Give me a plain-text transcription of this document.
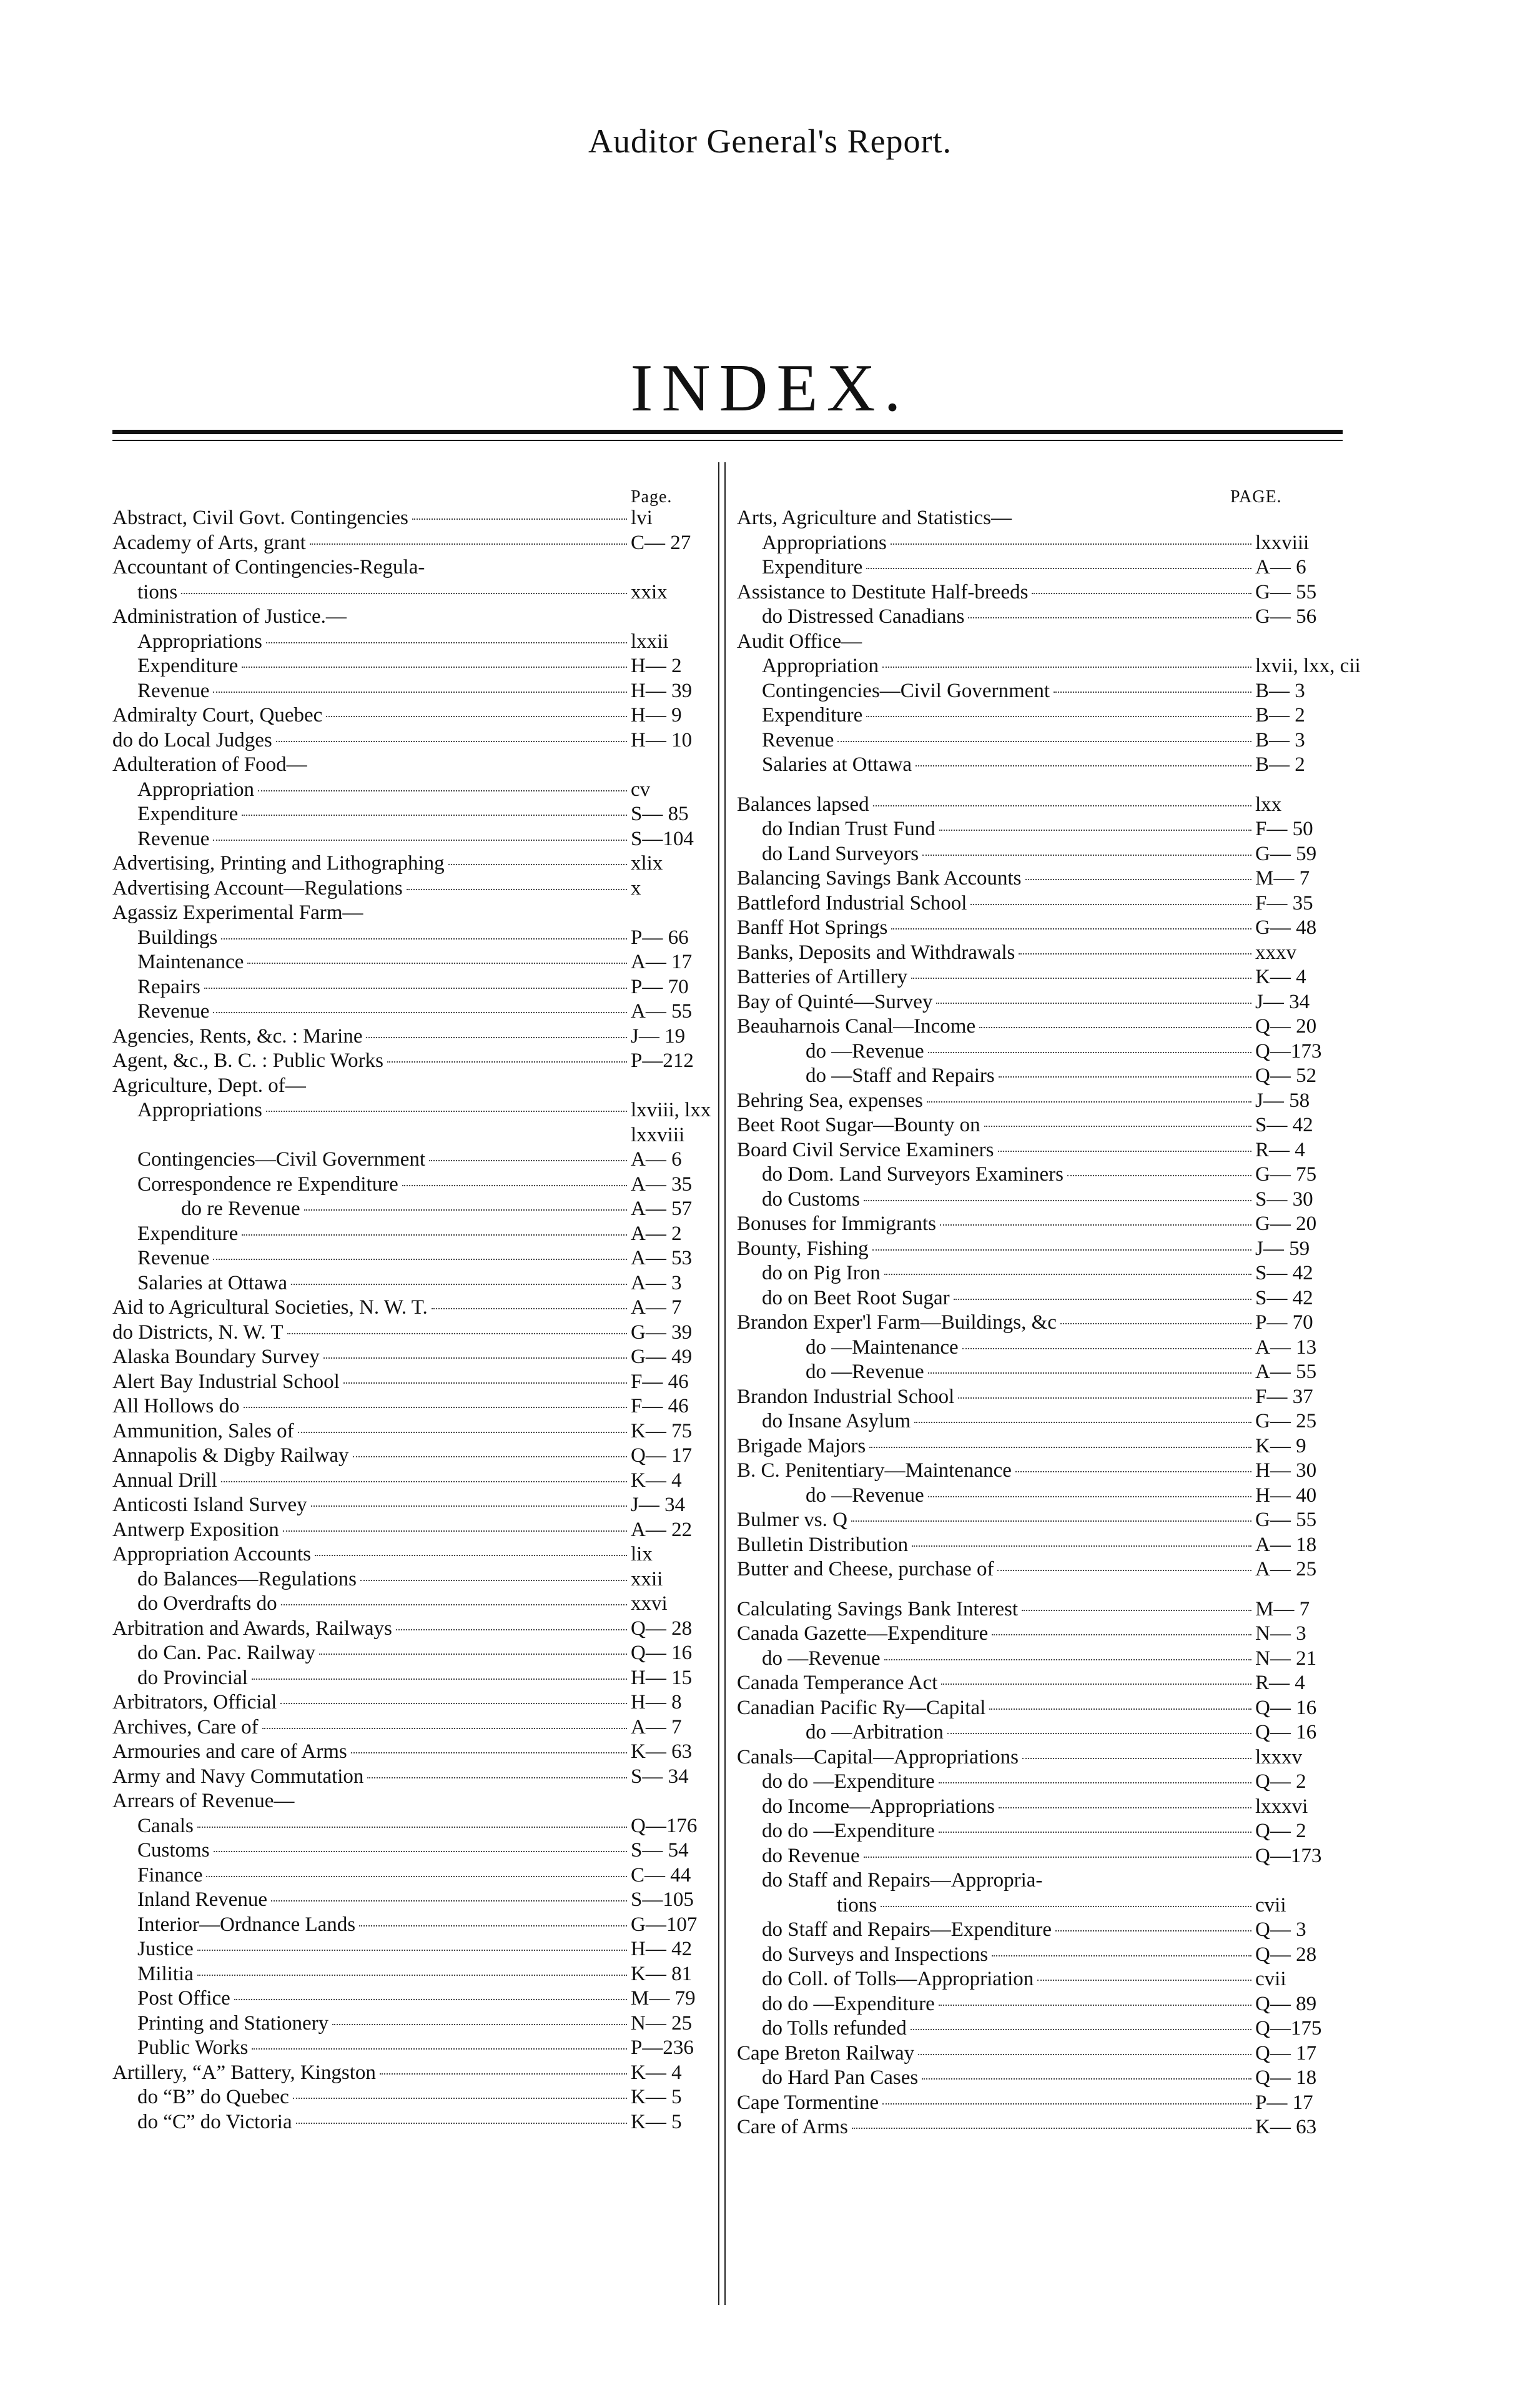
Auditor General's Report.
INDEX.
Page.	PAGE.
Abstract, Civil Govt. Contingencies	lvi
Academy of Arts, grant	C— 27
Accountant of Contingencies-Regula-
tions	xxix
Administration of Justice.—
Appropriations	lxxii
Expenditure	H— 2
Revenue	H— 39
Admiralty Court, Quebec	H— 9
do do Local Judges	H— 10
Adulteration of Food—
Appropriation	cv
Expenditure	S— 85
Revenue	S—104
Advertising, Printing and Lithographing	xlix
Advertising Account—Regulations	x
Agassiz Experimental Farm—
Buildings	P— 66
Maintenance	A— 17
Repairs	P— 70
Revenue	A— 55
Agencies, Rents, &c. : Marine	J— 19
Agent, &c., B. C. : Public Works	P—212
Agriculture, Dept. of—
Appropriations	lxviii, lxx
lxxviii
Contingencies—Civil Government	A— 6
Correspondence re Expenditure	A— 35
do re Revenue	A— 57
Expenditure	A— 2
Revenue	A— 53
Salaries at Ottawa	A— 3
Aid to Agricultural Societies, N. W. T.	A— 7
do Districts, N. W. T	G— 39
Alaska Boundary Survey	G— 49
Alert Bay Industrial School	F— 46
All Hollows do	F— 46
Ammunition, Sales of	K— 75
Annapolis & Digby Railway	Q— 17
Annual Drill	K— 4
Anticosti Island Survey	J— 34
Antwerp Exposition	A— 22
Appropriation Accounts	lix
do Balances—Regulations	xxii
do Overdrafts do	xxvi
Arbitration and Awards, Railways	Q— 28
do Can. Pac. Railway	Q— 16
do Provincial	H— 15
Arbitrators, Official	H— 8
Archives, Care of	A— 7
Armouries and care of Arms	K— 63
Army and Navy Commutation	S— 34
Arrears of Revenue—
Canals	Q—176
Customs	S— 54
Finance	C— 44
Inland Revenue	S—105
Interior—Ordnance Lands	G—107
Justice	H— 42
Militia	K— 81
Post Office	M— 79
Printing and Stationery	N— 25
Public Works	P—236
Artillery, “A” Battery, Kingston	K— 4
do “B” do Quebec	K— 5
do “C” do Victoria	K— 5
Arts, Agriculture and Statistics—
Appropriations	lxxviii
Expenditure	A— 6
Assistance to Destitute Half-breeds	G— 55
do Distressed Canadians	G— 56
Audit Office—
Appropriation	lxvii, lxx, cii
Contingencies—Civil Government	B— 3
Expenditure	B— 2
Revenue	B— 3
Salaries at Ottawa	B— 2
Balances lapsed	lxx
do Indian Trust Fund	F— 50
do Land Surveyors	G— 59
Balancing Savings Bank Accounts	M— 7
Battleford Industrial School	F— 35
Banff Hot Springs	G— 48
Banks, Deposits and Withdrawals	xxxv
Batteries of Artillery	K— 4
Bay of Quinté—Survey	J— 34
Beauharnois Canal—Income	Q— 20
do —Revenue	Q—173
do —Staff and Repairs	Q— 52
Behring Sea, expenses	J— 58
Beet Root Sugar—Bounty on	S— 42
Board Civil Service Examiners	R— 4
do Dom. Land Surveyors Examiners	G— 75
do Customs	S— 30
Bonuses for Immigrants	G— 20
Bounty, Fishing	J— 59
do on Pig Iron	S— 42
do on Beet Root Sugar	S— 42
Brandon Exper'l Farm—Buildings, &c	P— 70
do —Maintenance	A— 13
do —Revenue	A— 55
Brandon Industrial School	F— 37
do Insane Asylum	G— 25
Brigade Majors	K— 9
B. C. Penitentiary—Maintenance	H— 30
do —Revenue	H— 40
Bulmer vs. Q	G— 55
Bulletin Distribution	A— 18
Butter and Cheese, purchase of	A— 25
Calculating Savings Bank Interest	M— 7
Canada Gazette—Expenditure	N— 3
do —Revenue	N— 21
Canada Temperance Act	R— 4
Canadian Pacific Ry—Capital	Q— 16
do —Arbitration	Q— 16
Canals—Capital—Appropriations	lxxxv
do do —Expenditure	Q— 2
do Income—Appropriations	lxxxvi
do do —Expenditure	Q— 2
do Revenue	Q—173
do Staff and Repairs—Appropria-
tions	cvii
do Staff and Repairs—Expenditure	Q— 3
do Surveys and Inspections	Q— 28
do Coll. of Tolls—Appropriation	cvii
do do —Expenditure	Q— 89
do Tolls refunded	Q—175
Cape Breton Railway	Q— 17
do Hard Pan Cases	Q— 18
Cape Tormentine	P— 17
Care of Arms	K— 63
